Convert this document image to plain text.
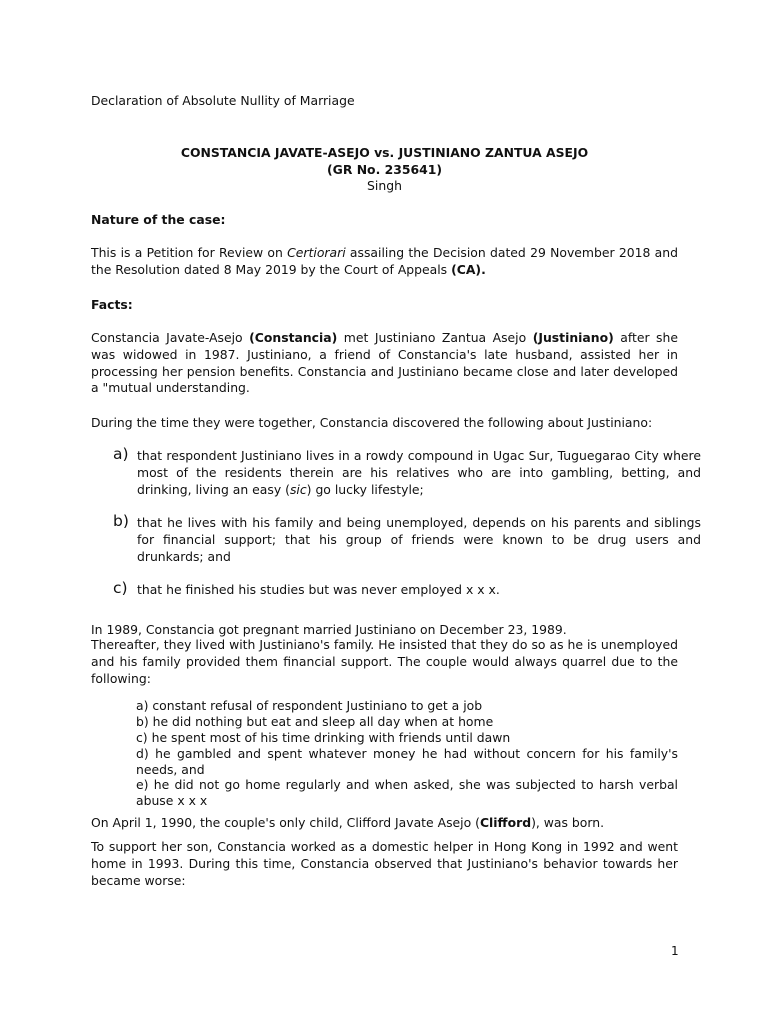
Declaration of Absolute Nullity of Marriage
CONSTANCIA JAVATE-ASEJO vs. JUSTINIANO ZANTUA ASEJO
(GR No. 235641)
Singh
Nature of the case:
This is a Petition for Review on Certiorari assailing the Decision dated 29 November 2018 and the Resolution dated 8 May 2019 by the Court of Appeals (CA).
Facts:
Constancia Javate-Asejo (Constancia) met Justiniano Zantua Asejo (Justiniano) after she was widowed in 1987. Justiniano, a friend of Constancia's late husband, assisted her in processing her pension benefits. Constancia and Justiniano became close and later developed a "mutual understanding.
During the time they were together, Constancia discovered the following about Justiniano:
a) that respondent Justiniano lives in a rowdy compound in Ugac Sur, Tuguegarao City where most of the residents therein are his relatives who are into gambling, betting, and drinking, living an easy (sic) go lucky lifestyle;
b) that he lives with his family and being unemployed, depends on his parents and siblings for financial support; that his group of friends were known to be drug users and drunkards; and
c) that he finished his studies but was never employed x x x.
In 1989, Constancia got pregnant married Justiniano on December 23, 1989.
Thereafter, they lived with Justiniano's family. He insisted that they do so as he is unemployed and his family provided them financial support. The couple would always quarrel due to the following:
a) constant refusal of respondent Justiniano to get a job
b) he did nothing but eat and sleep all day when at home
c) he spent most of his time drinking with friends until dawn
d) he gambled and spent whatever money he had without concern for his family's needs, and
e) he did not go home regularly and when asked, she was subjected to harsh verbal abuse x x x
On April 1, 1990, the couple's only child, Clifford Javate Asejo (Clifford), was born.
To support her son, Constancia worked as a domestic helper in Hong Kong in 1992 and went home in 1993. During this time, Constancia observed that Justiniano's behavior towards her became worse:
1
